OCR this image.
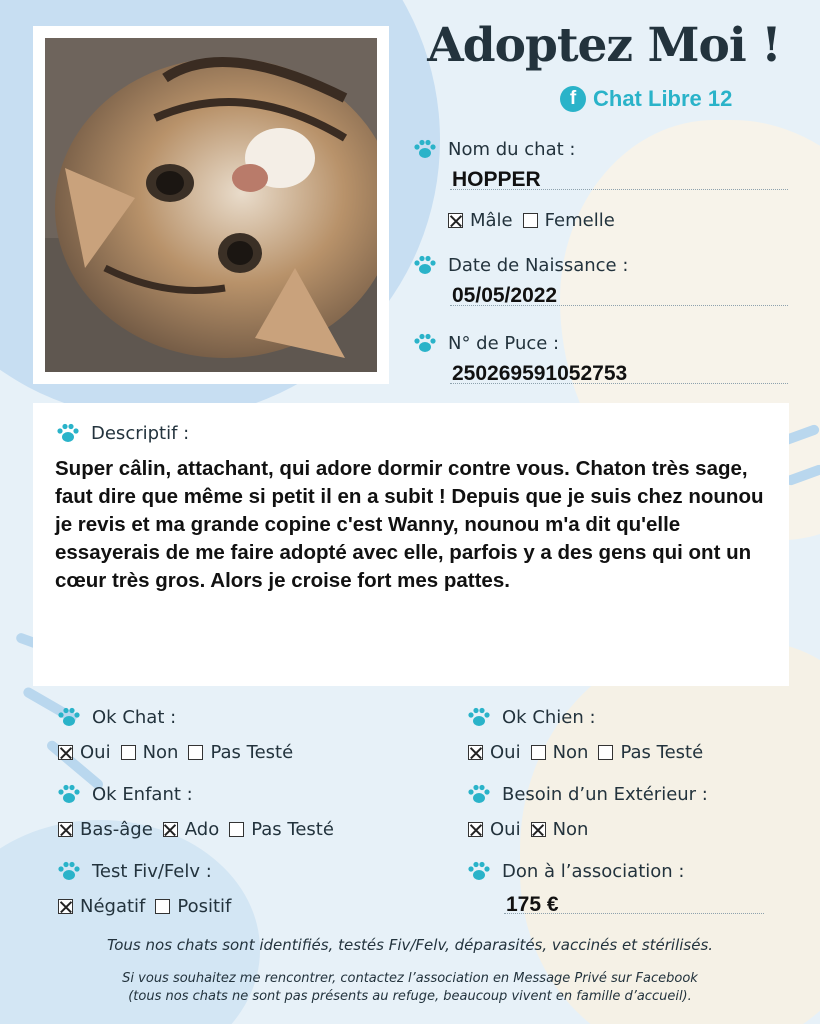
Adoptez Moi !
f Chat Libre 12
Nom du chat :
HOPPER
Mâle Femelle
Date de Naissance :
05/05/2022
N° de Puce :
250269591052753
Descriptif :
Super câlin, attachant, qui adore dormir contre vous. Chaton très sage, faut dire que même si petit il en a subit ! Depuis que je suis chez nounou je revis et ma grande copine c'est Wanny, nounou m'a dit qu'elle essayerais de me faire adopté avec elle, parfois y a des gens qui ont un cœur très gros. Alors je croise fort mes pattes.
Ok Chat :
Oui Non Pas Testé
Ok Chien :
Oui Non Pas Testé
Ok Enfant :
Bas-âge Ado Pas Testé
Besoin d’un Extérieur :
Oui Non
Test Fiv/Felv :
Négatif Positif
Don à l’association :
175 €
Tous nos chats sont identifiés, testés Fiv/Felv, déparasités, vaccinés et stérilisés.
Si vous souhaitez me rencontrer, contactez l’association en Message Privé sur Facebook
(tous nos chats ne sont pas présents au refuge, beaucoup vivent en famille d’accueil).
